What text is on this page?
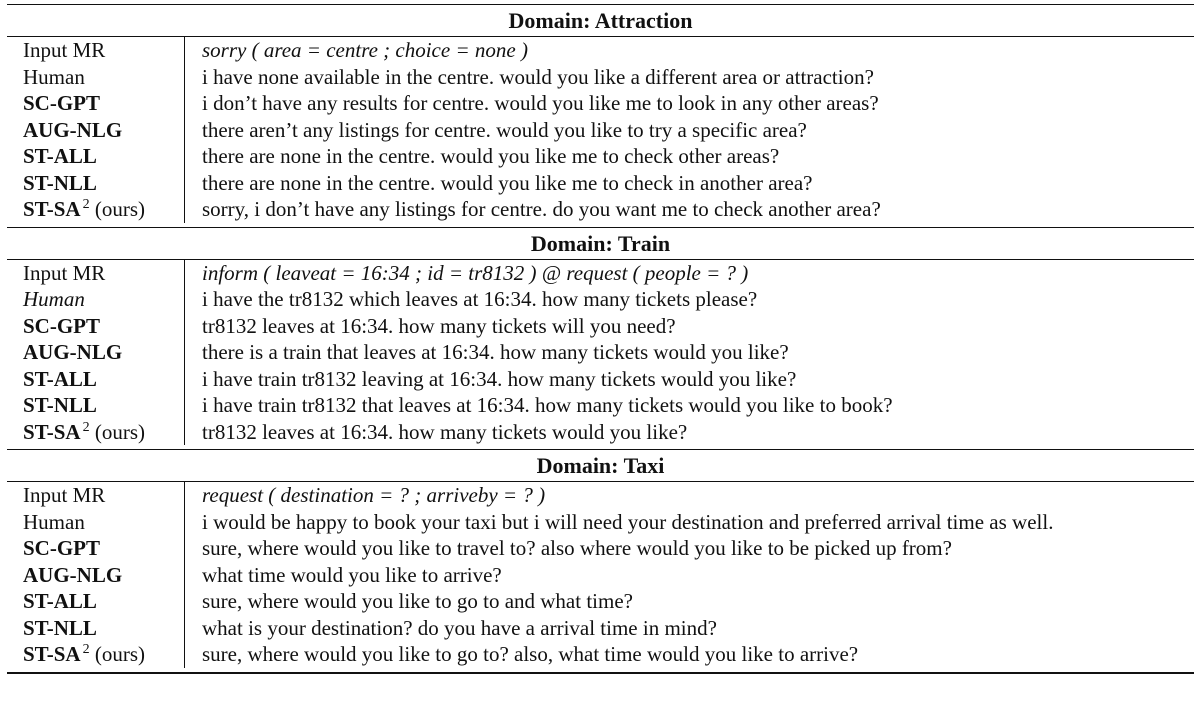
Domain: Attraction
Input MR	sorry ( area = centre ; choice = none )
Human	i have none available in the centre. would you like a different area or attraction?
SC-GPT	i don’t have any results for centre. would you like me to look in any other areas?
AUG-NLG	there aren’t any listings for centre. would you like to try a specific area?
ST-ALL	there are none in the centre. would you like me to check other areas?
ST-NLL	there are none in the centre. would you like me to check in another area?
ST-SA $^2$ (ours)	sorry, i don’t have any listings for centre. do you want me to check another area?
Domain: Train
Input MR	inform ( leaveat = 16:34 ; id = tr8132 ) @ request ( people = ? )
Human	i have the tr8132 which leaves at 16:34. how many tickets please?
SC-GPT	tr8132 leaves at 16:34. how many tickets will you need?
AUG-NLG	there is a train that leaves at 16:34. how many tickets would you like?
ST-ALL	i have train tr8132 leaving at 16:34. how many tickets would you like?
ST-NLL	i have train tr8132 that leaves at 16:34. how many tickets would you like to book?
ST-SA $^2$ (ours)	tr8132 leaves at 16:34. how many tickets would you like?
Domain: Taxi
Input MR	request ( destination = ? ; arriveby = ? )
Human	i would be happy to book your taxi but i will need your destination and preferred arrival time as well.
SC-GPT	sure, where would you like to travel to? also where would you like to be picked up from?
AUG-NLG	what time would you like to arrive?
ST-ALL	sure, where would you like to go to and what time?
ST-NLL	what is your destination? do you have a arrival time in mind?
ST-SA $^2$ (ours)	sure, where would you like to go to? also, what time would you like to arrive?
